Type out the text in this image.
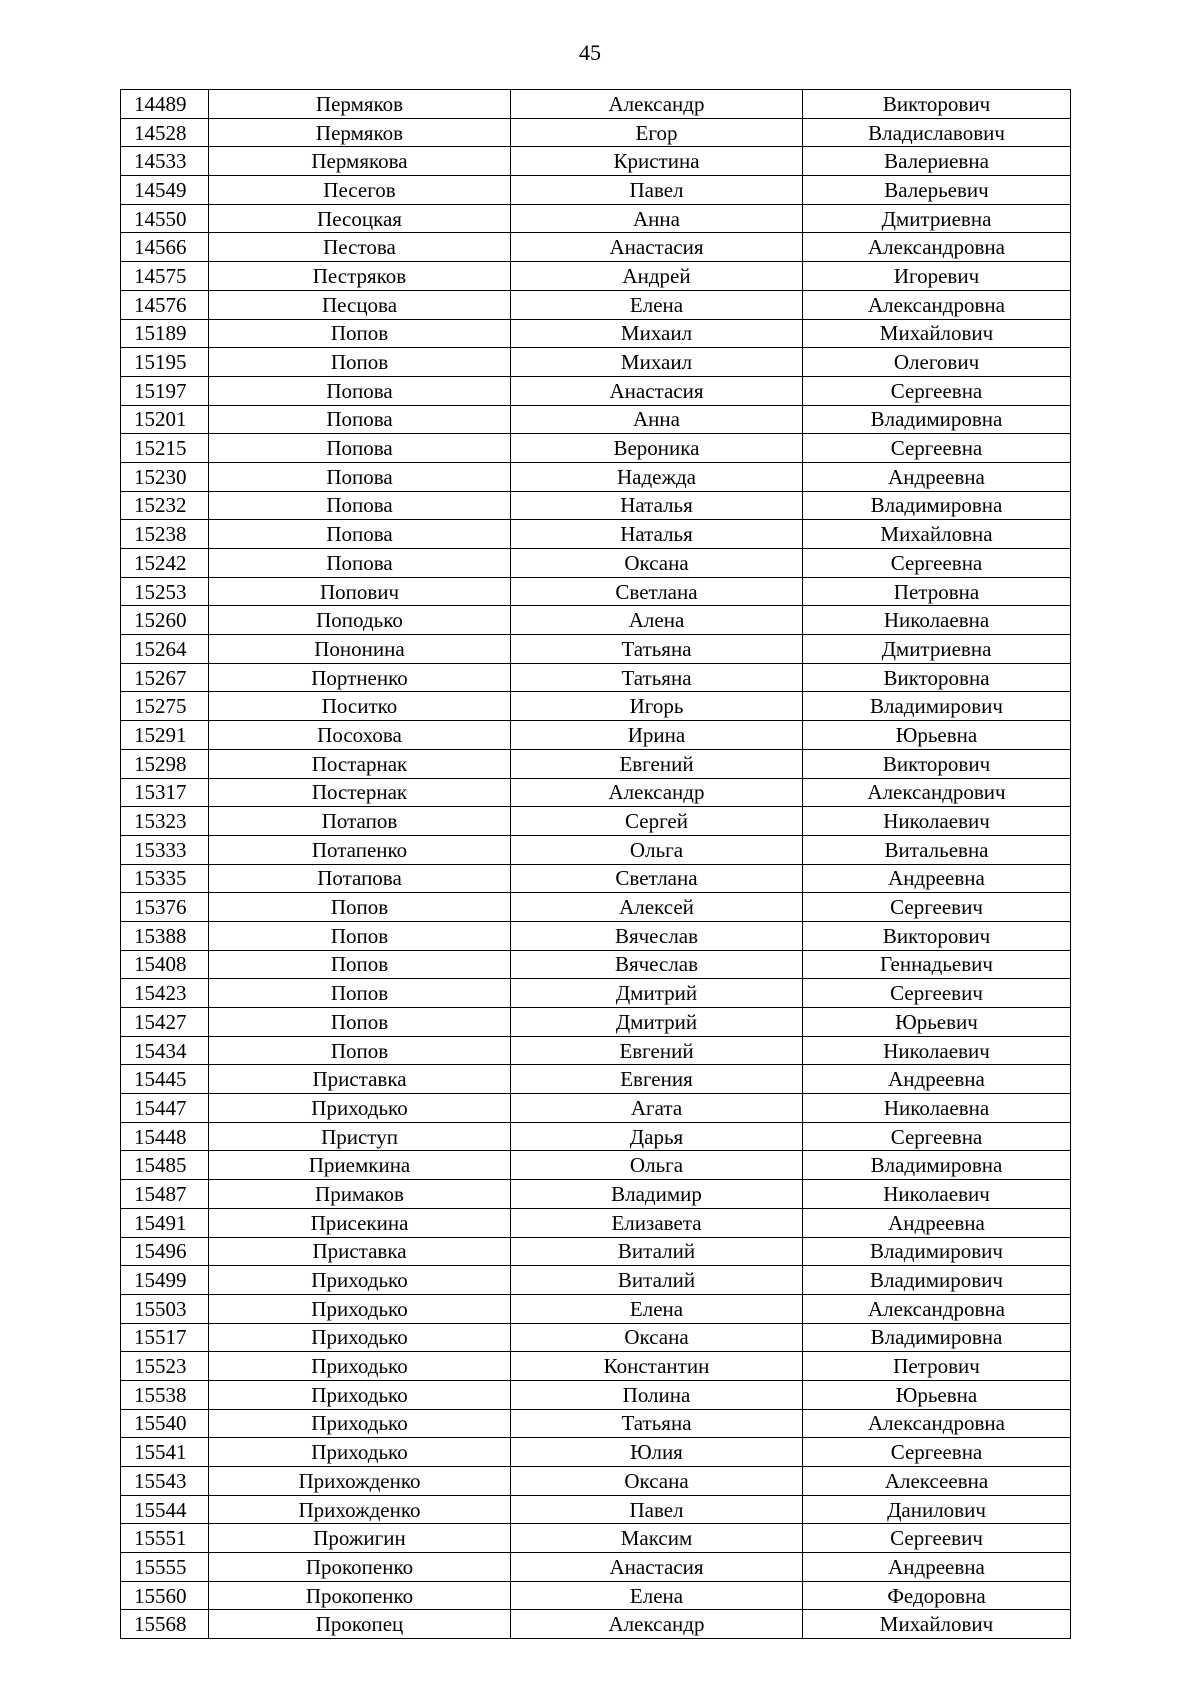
45
14489	Пермяков	Александр	Викторович
14528	Пермяков	Егор	Владиславович
14533	Пермякова	Кристина	Валериевна
14549	Песегов	Павел	Валерьевич
14550	Песоцкая	Анна	Дмитриевна
14566	Пестова	Анастасия	Александровна
14575	Пестряков	Андрей	Игоревич
14576	Песцова	Елена	Александровна
15189	Попов	Михаил	Михайлович
15195	Попов	Михаил	Олегович
15197	Попова	Анастасия	Сергеевна
15201	Попова	Анна	Владимировна
15215	Попова	Вероника	Сергеевна
15230	Попова	Надежда	Андреевна
15232	Попова	Наталья	Владимировна
15238	Попова	Наталья	Михайловна
15242	Попова	Оксана	Сергеевна
15253	Попович	Светлана	Петровна
15260	Поподько	Алена	Николаевна
15264	Пононина	Татьяна	Дмитриевна
15267	Портненко	Татьяна	Викторовна
15275	Поситко	Игорь	Владимирович
15291	Посохова	Ирина	Юрьевна
15298	Постарнак	Евгений	Викторович
15317	Постернак	Александр	Александрович
15323	Потапов	Сергей	Николаевич
15333	Потапенко	Ольга	Витальевна
15335	Потапова	Светлана	Андреевна
15376	Попов	Алексей	Сергеевич
15388	Попов	Вячеслав	Викторович
15408	Попов	Вячеслав	Геннадьевич
15423	Попов	Дмитрий	Сергеевич
15427	Попов	Дмитрий	Юрьевич
15434	Попов	Евгений	Николаевич
15445	Приставка	Евгения	Андреевна
15447	Приходько	Агата	Николаевна
15448	Приступ	Дарья	Сергеевна
15485	Приемкина	Ольга	Владимировна
15487	Примаков	Владимир	Николаевич
15491	Присекина	Елизавета	Андреевна
15496	Приставка	Виталий	Владимирович
15499	Приходько	Виталий	Владимирович
15503	Приходько	Елена	Александровна
15517	Приходько	Оксана	Владимировна
15523	Приходько	Константин	Петрович
15538	Приходько	Полина	Юрьевна
15540	Приходько	Татьяна	Александровна
15541	Приходько	Юлия	Сергеевна
15543	Прихожденко	Оксана	Алексеевна
15544	Прихожденко	Павел	Данилович
15551	Прожигин	Максим	Сергеевич
15555	Прокопенко	Анастасия	Андреевна
15560	Прокопенко	Елена	Федоровна
15568	Прокопец	Александр	Михайлович
